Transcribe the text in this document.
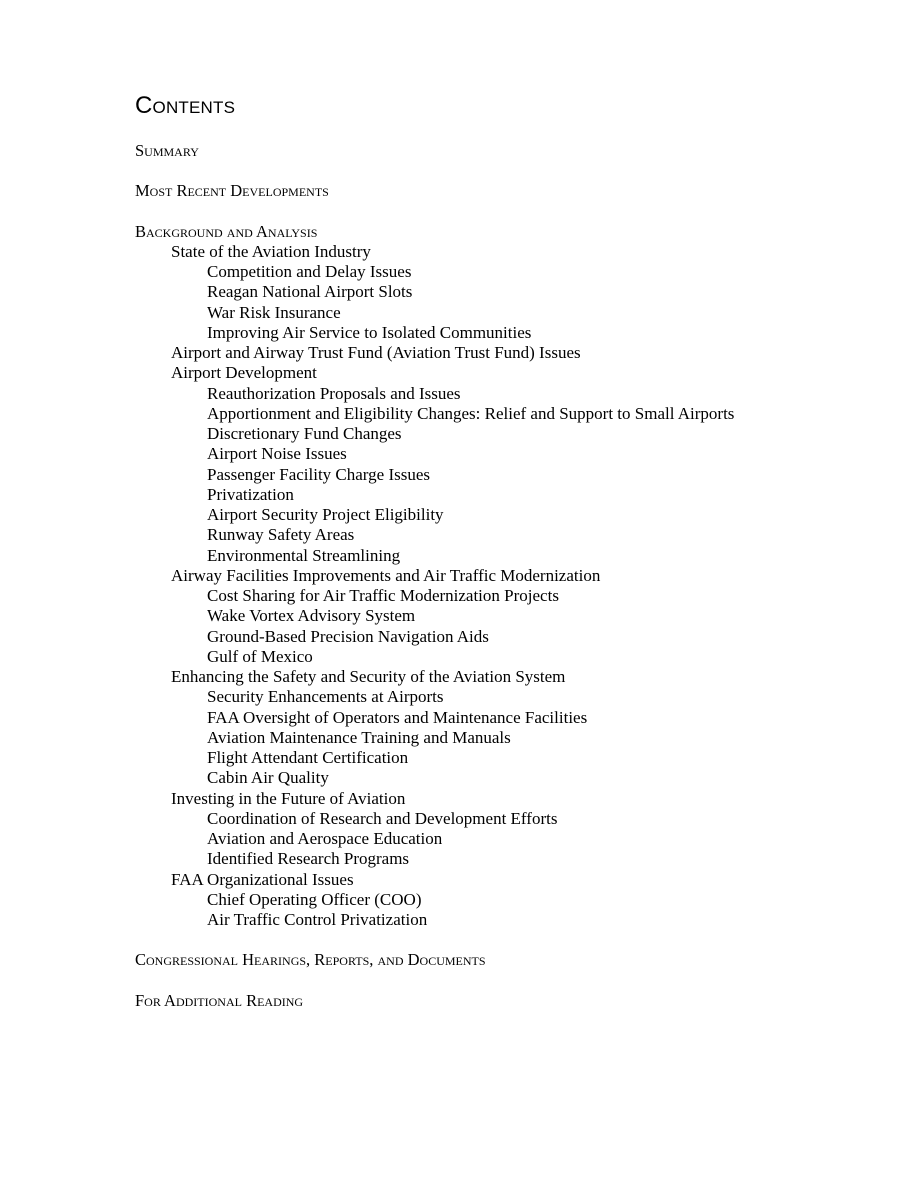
Contents
Summary
Most Recent Developments
Background and Analysis
State of the Aviation Industry
Competition and Delay Issues
Reagan National Airport Slots
War Risk Insurance
Improving Air Service to Isolated Communities
Airport and Airway Trust Fund (Aviation Trust Fund) Issues
Airport Development
Reauthorization Proposals and Issues
Apportionment and Eligibility Changes: Relief and Support to Small Airports
Discretionary Fund Changes
Airport Noise Issues
Passenger Facility Charge Issues
Privatization
Airport Security Project Eligibility
Runway Safety Areas
Environmental Streamlining
Airway Facilities Improvements and Air Traffic Modernization
Cost Sharing for Air Traffic Modernization Projects
Wake Vortex Advisory System
Ground-Based Precision Navigation Aids
Gulf of Mexico
Enhancing the Safety and Security of the Aviation System
Security Enhancements at Airports
FAA Oversight of Operators and Maintenance Facilities
Aviation Maintenance Training and Manuals
Flight Attendant Certification
Cabin Air Quality
Investing in the Future of Aviation
Coordination of Research and Development Efforts
Aviation and Aerospace Education
Identified Research Programs
FAA Organizational Issues
Chief Operating Officer (COO)
Air Traffic Control Privatization
Congressional Hearings, Reports, and Documents
For Additional Reading
